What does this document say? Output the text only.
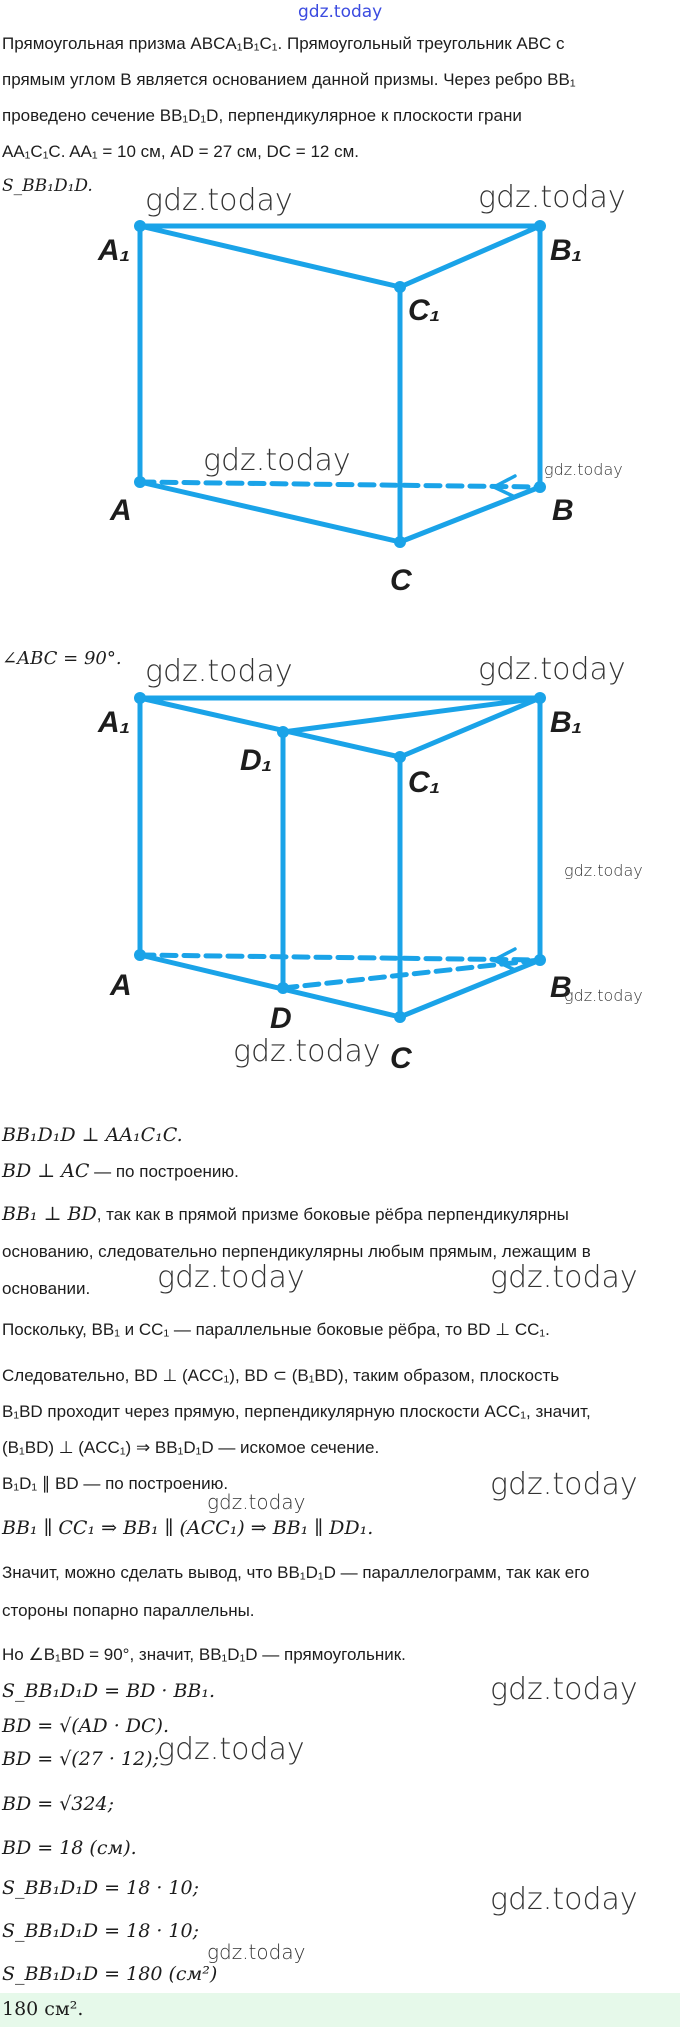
gdz.today
Прямоугольная призма ABCA₁B₁C₁. Прямоугольный треугольник ABC с
прямым углом B является основанием данной призмы. Через ребро BB₁
проведено сечение BB₁D₁D, перпендикулярное к плоскости грани
AA₁C₁C. AA₁ = 10 см, AD = 27 см, DC = 12 см.
S_BB₁D₁D.
A₁	B₁
C₁
A	B
C
∠ABC = 90°.
A₁	B₁
C₁
D₁
A	B
C
D
BB₁D₁D ⊥ AA₁C₁C.
BD ⊥ AC — по построению.
BB₁ ⊥ BD, так как в прямой призме боковые рёбра перпендикулярны
основанию, следовательно перпендикулярны любым прямым, лежащим в
основании.
Поскольку, BB₁ и CC₁ — параллельные боковые рёбра, то BD ⊥ CC₁.
Следовательно, BD ⊥ (ACC₁), BD ⊂ (B₁BD), таким образом, плоскость
B₁BD проходит через прямую, перпендикулярную плоскости ACC₁, значит,
(B₁BD) ⊥ (ACC₁) ⇒ BB₁D₁D — искомое сечение.
B₁D₁ ∥ BD — по построению.
BB₁ ∥ CC₁ ⇒ BB₁ ∥ (ACC₁) ⇒ BB₁ ∥ DD₁.
Значит, можно сделать вывод, что BB₁D₁D — параллелограмм, так как его
стороны попарно параллельны.
Но ∠B₁BD = 90°, значит, BB₁D₁D — прямоугольник.
S_BB₁D₁D = BD · BB₁.
BD = √(AD · DC).
BD = √(27 · 12);
BD = √324;
BD = 18 (см).
S_BB₁D₁D = 18 · 10;
S_BB₁D₁D = 18 · 10;
S_BB₁D₁D = 180 (см²)
180 см².
gdz.today	gdz.today
gdz.today	gdz.today
gdz.today	gdz.today
gdz.today
gdz.today
gdz.today
gdz.today	gdz.today
gdz.today
gdz.today
gdz.today
gdz.today
gdz.today
gdz.today
